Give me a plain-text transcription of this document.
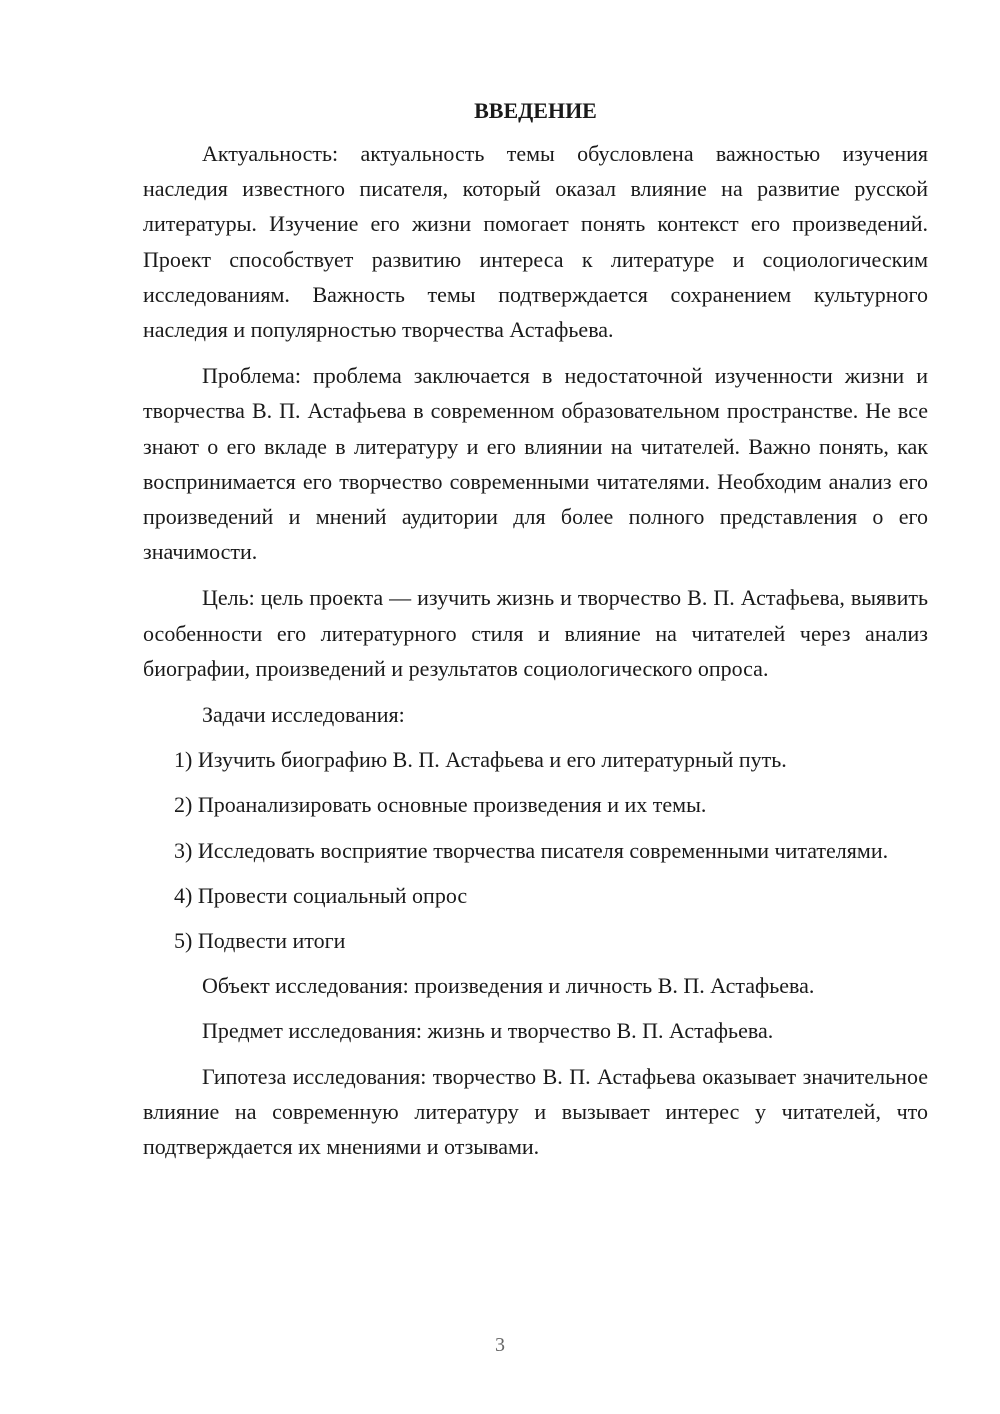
ВВЕДЕНИЕ

Актуальность: актуальность темы обусловлена важностью изучения наследия известного писателя, который оказал влияние на развитие русской литературы. Изучение его жизни помогает понять контекст его произведений. Проект способствует развитию интереса к литературе и социологическим исследованиям. Важность темы подтверждается сохранением культурного наследия и популярностью творчества Астафьева.

Проблема: проблема заключается в недостаточной изученности жизни и творчества В. П. Астафьева в современном образовательном пространстве. Не все знают о его вкладе в литературу и его влиянии на читателей. Важно понять, как воспринимается его творчество современными читателями. Необходим анализ его произведений и мнений аудитории для более полного представления о его значимости.

Цель: цель проекта — изучить жизнь и творчество В. П. Астафьева, выявить особенности его литературного стиля и влияние на читателей через анализ биографии, произведений и результатов социологического опроса.

Задачи исследования:

1) Изучить биографию В. П. Астафьева и его литературный путь.

2) Проанализировать основные произведения и их темы.

3) Исследовать восприятие творчества писателя современными читателями.

4) Провести социальный опрос

5) Подвести итоги

Объект исследования: произведения и личность В. П. Астафьева.

Предмет исследования: жизнь и творчество В. П. Астафьева.

Гипотеза исследования: творчество В. П. Астафьева оказывает значительное влияние на современную литературу и вызывает интерес у читателей, что подтверждается их мнениями и отзывами.

3
